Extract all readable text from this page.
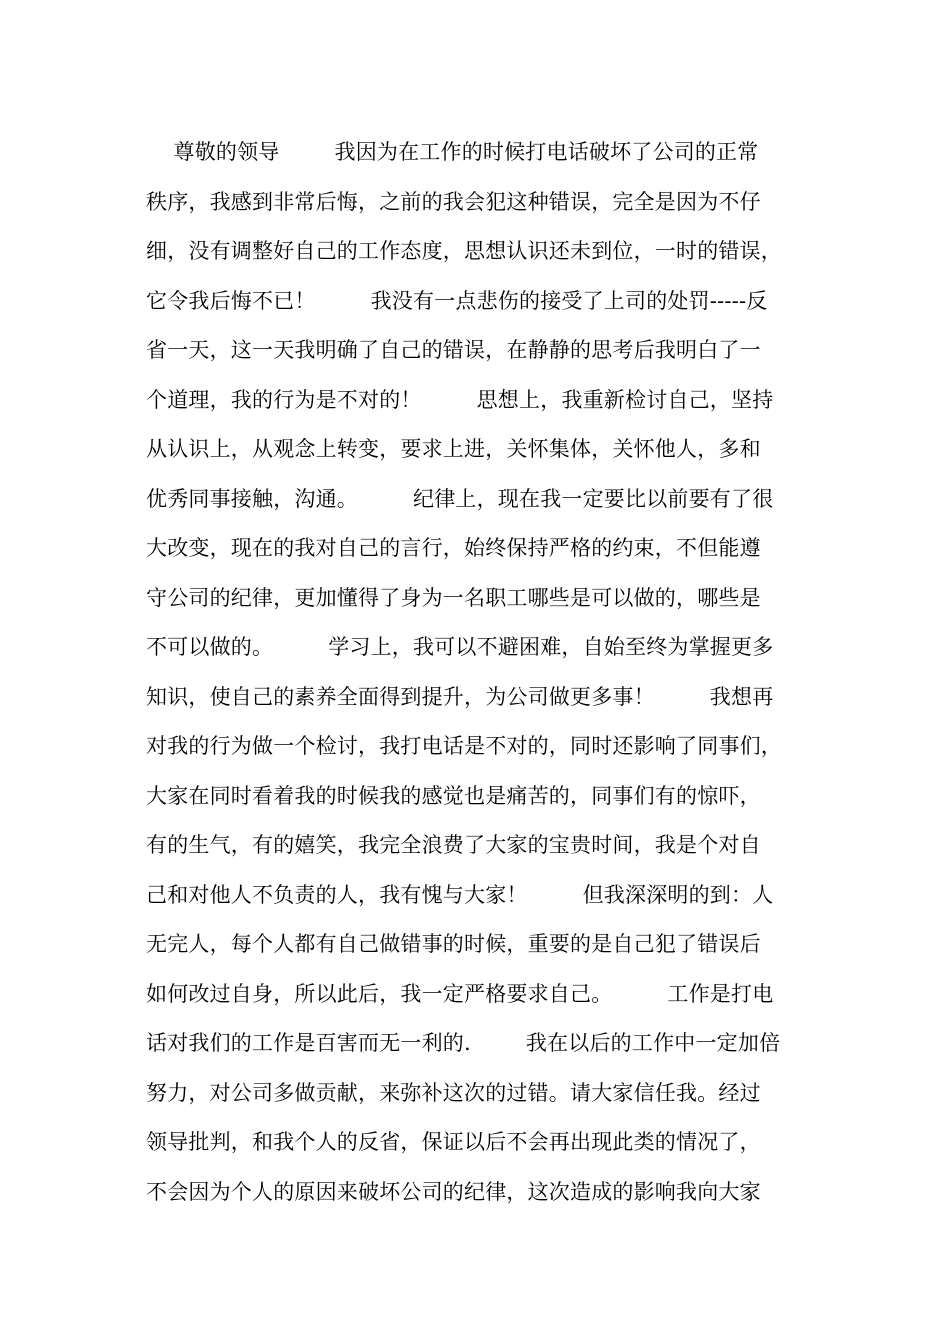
尊敬的领导        我因为在工作的时候打电话破坏了公司的正常
秩序，我感到非常后悔，之前的我会犯这种错误，完全是因为不仔
细，没有调整好自己的工作态度，思想认识还未到位，一时的错误，
它令我后悔不已！        我没有一点悲伤的接受了上司的处罚-----反
省一天，这一天我明确了自己的错误，在静静的思考后我明白了一
个道理，我的行为是不对的！        思想上，我重新检讨自己，坚持
从认识上，从观念上转变，要求上进，关怀集体，关怀他人，多和
优秀同事接触，沟通。        纪律上，现在我一定要比以前要有了很
大改变，现在的我对自己的言行，始终保持严格的约束，不但能遵
守公司的纪律，更加懂得了身为一名职工哪些是可以做的，哪些是
不可以做的。        学习上，我可以不避困难，自始至终为掌握更多
知识，使自己的素养全面得到提升，为公司做更多事！        我想再
对我的行为做一个检讨，我打电话是不对的，同时还影响了同事们，
大家在同时看着我的时候我的感觉也是痛苦的，同事们有的惊吓，
有的生气，有的嬉笑，我完全浪费了大家的宝贵时间，我是个对自
己和对他人不负责的人，我有愧与大家！        但我深深明的到：人
无完人，每个人都有自己做错事的时候，重要的是自己犯了错误后
如何改过自身，所以此后，我一定严格要求自己。        工作是打电
话对我们的工作是百害而无一利的.        我在以后的工作中一定加倍
努力，对公司多做贡献，来弥补这次的过错。请大家信任我。经过
领导批判，和我个人的反省，保证以后不会再出现此类的情况了，
不会因为个人的原因来破坏公司的纪律，这次造成的影响我向大家
